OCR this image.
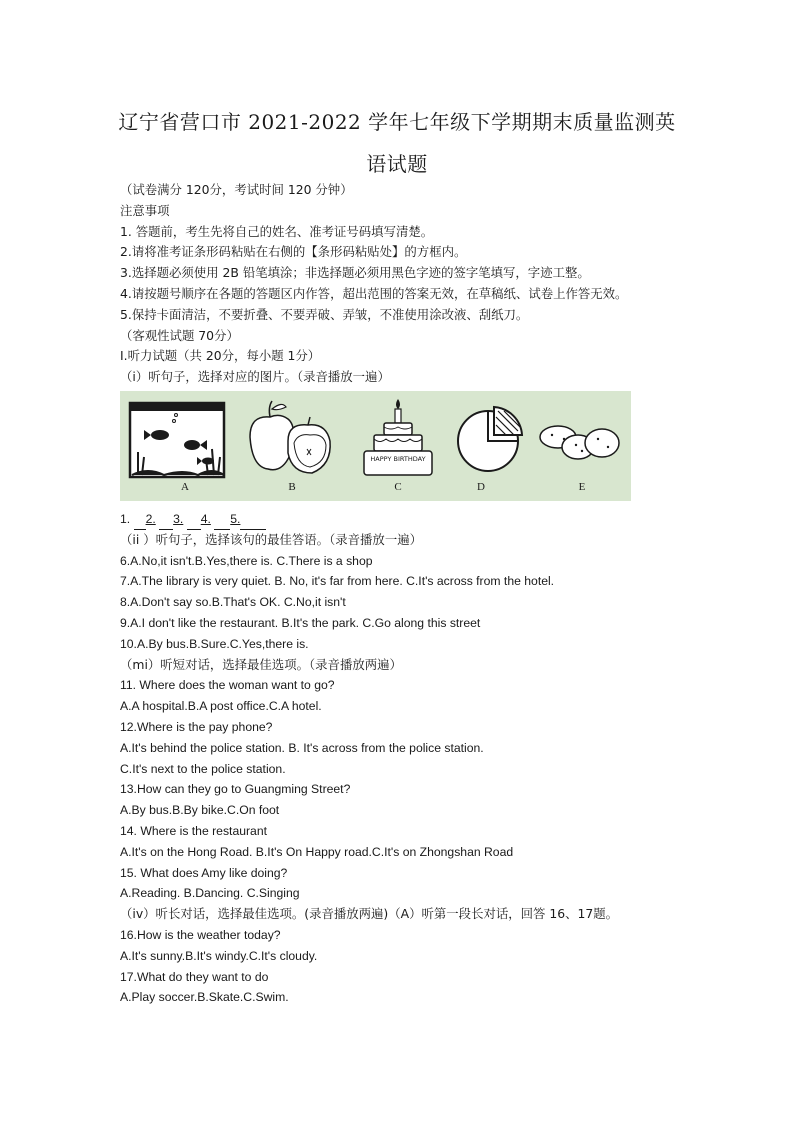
辽宁省营口市 2021-2022 学年七年级下学期期末质量监测英
语试题
（试卷满分 120分，考试时间 120 分钟）
注意事项
1. 答题前，考生先将自己的姓名、准考证号码填写清楚。
2.请将准考证条形码粘贴在右侧的【条形码粘贴处】的方框内。
3.选择题必须使用 2B 铅笔填涂；非选择题必须用黑色字迹的签字笔填写，字迹工整。
4.请按题号顺序在各题的答题区内作答，超出范围的答案无效，在草稿纸、试卷上作答无效。
5.保持卡面清洁，不要折叠、不要弄破、弄皱，不准使用涂改液、刮纸刀。
（客观性试题 70分）
I.听力试题（共 20分，每小题 1分）
（i）听句子，选择对应的图片。（录音播放一遍）
HAPPY BIRTHDAY
A	B	C	D	E
1. 2. 3. 4. 5.
（ii ）听句子，选择该句的最佳答语。（录音播放一遍）
6.A.No,it isn't.B.Yes,there is. C.There is a shop
7.A.The library is very quiet. B. No, it's far from here. C.It's across from the hotel.
8.A.Don't say so.B.That's OK. C.No,it isn't
9.A.I don't like the restaurant. B.It's the park. C.Go along this street
10.A.By bus.B.Sure.C.Yes,there is.
（mi）听短对话，选择最佳选项。（录音播放两遍）
11. Where does the woman want to go?
A.A hospital.B.A post office.C.A hotel.
12.Where is the pay phone?
A.It's behind the police station. B. It's across from the police station.
C.It's next to the police station.
13.How can they go to Guangming Street?
A.By bus.B.By bike.C.On foot
14. Where is the restaurant
A.It's on the Hong Road. B.It's On Happy road.C.It's on Zhongshan Road
15. What does Amy like doing?
A.Reading. B.Dancing. C.Singing
（iv）听长对话，选择最佳选项。(录音播放两遍)（A）听第一段长对话，回答 16、17题。
16.How is the weather today?
A.It's sunny.B.It's windy.C.It's cloudy.
17.What do they want to do
A.Play soccer.B.Skate.C.Swim.
